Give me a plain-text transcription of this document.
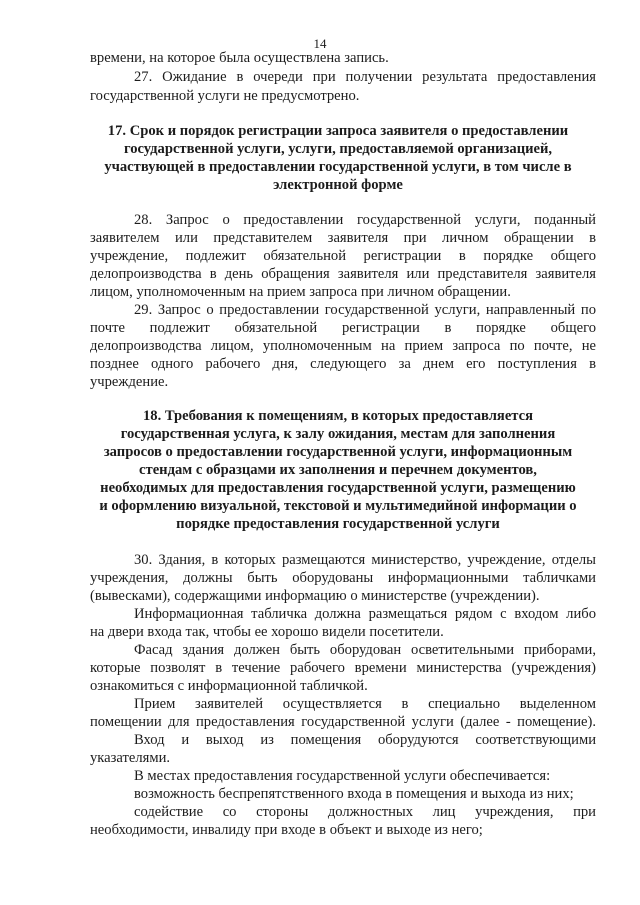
14

времени, на которое была осуществлена запись.

27. Ожидание в очереди при получении результата предоставления

государственной услуги не предусмотрено.

17. Срок и порядок регистрации запроса заявителя о предоставлении

государственной услуги, услуги, предоставляемой организацией,

участвующей в предоставлении государственной услуги, в том числе в

электронной форме

28. Запрос о предоставлении государственной услуги, поданный

заявителем или представителем заявителя при личном обращении в

учреждение, подлежит обязательной регистрации в порядке общего

делопроизводства в день обращения заявителя или представителя заявителя

лицом, уполномоченным на прием запроса при личном обращении.

29. Запрос о предоставлении государственной услуги, направленный по

почте подлежит обязательной регистрации в порядке общего

делопроизводства лицом, уполномоченным на прием запроса по почте, не

позднее одного рабочего дня, следующего за днем его поступления в

учреждение.

18. Требования к помещениям, в которых предоставляется

государственная услуга, к залу ожидания, местам для заполнения

запросов о предоставлении государственной услуги, информационным

стендам с образцами их заполнения и перечнем документов,

необходимых для предоставления государственной услуги, размещению

и оформлению визуальной, текстовой и мультимедийной информации о

порядке предоставления государственной услуги

30. Здания, в которых размещаются министерство, учреждение, отделы

учреждения, должны быть оборудованы информационными табличками

(вывесками), содержащими информацию о министерстве (учреждении).

Информационная табличка должна размещаться рядом с входом либо

на двери входа так, чтобы ее хорошо видели посетители.

Фасад здания должен быть оборудован осветительными приборами,

которые позволят в течение рабочего времени министерства (учреждения)

ознакомиться с информационной табличкой.

Прием заявителей осуществляется в специально выделенном

помещении для предоставления государственной услуги (далее - помещение).

Вход и выход из помещения оборудуются соответствующими

указателями.

В местах предоставления государственной услуги обеспечивается:

возможность беспрепятственного входа в помещения и выхода из них;

содействие со стороны должностных лиц учреждения, при

необходимости, инвалиду при входе в объект и выходе из него;
